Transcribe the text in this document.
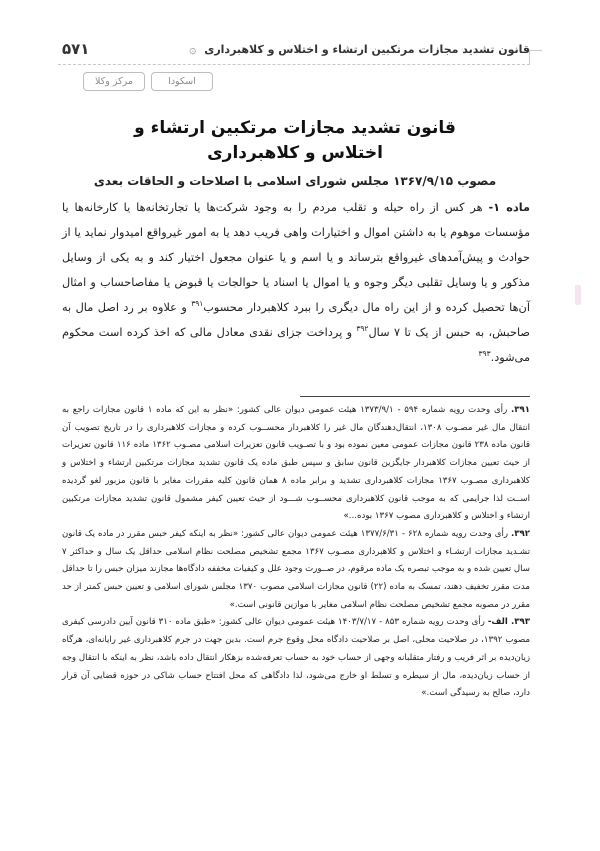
قانون تشدید مجازات مرتکبین ارتشاء و اختلاس و کلاهبرداری
۞
۵۷۱
مرکز وکلا	اسکودا
قانون تشدید مجازات مرتکبین ارتشاء و
اختلاس و کلاهبرداری
مصوب ۱۳۶۷/۹/۱۵ مجلس شورای اسلامی با اصلاحات و الحاقات بعدی
ماده ۱- هر کس از راه حیله و تقلب مردم را به وجود شرکت‌ها یا تجارتخانه‌ها یا کارخانه‌ها یا مؤسسات موهوم یا به داشتن اموال و اختیارات واهی فریب دهد یا به امور غیرواقع امیدوار نماید یا از حوادث و پیش‌آمدهای غیرواقع بترساند و یا اسم و یا عنوان مجعول اختیار کند و به یکی از وسایل مذکور و یا وسایل تقلبی دیگر وجوه و یا اموال یا اسناد یا حوالجات یا قبوض یا مفاصاحساب و امثال آن‌ها تحصیل کرده و از این راه مال دیگری را ببرد کلاهبردار محسوب$^{۳۹۱}$ و علاوه بر رد اصل مال به صاحبش، به حبس از یک تا ۷ سال$^{۳۹۲}$ و پرداخت جزای نقدی معادل مالی که اخذ کرده است محکوم می‌شود.$^{۳۹۳}$

۳۹۱. رأی وحدت رویه شماره ۵۹۴ - ۱۳۷۳/۹/۱ هیئت عمومی دیوان عالی کشور: «نظر به این که ماده ۱ قانون مجازات راجع به انتقال مال غیر مصـوب ۱۳۰۸، انتقال‌دهندگان مال غیر را کلاهبردار محســوب کرده و مجازات کلاهبرداری را در تاریخ تصویب آن قانون ماده ۲۳۸ قانون مجازات عمومی معین نموده بود و با تصـویب قانون تعزیرات اسلامی مصـوب ۱۳۶۲ ماده ۱۱۶ قانون تعزیرات از حیث تعیین مجازات کلاهبردار جایگزین قانون سابق و سپس طبق ماده یک قانون تشدید مجازات مرتکبین ارتشاء و اختلاس و کلاهبرداری مصـوب ۱۳۶۷ مجازات کلاهبرداری تشدید و برابر ماده ۸ همان قانون کلیه مقررات مغایر با قانون مزبور لغو گردیده اســت لذا جرایمی که به موجب قانون کلاهبرداری محســوب شـــود از حیث تعیین کیفر مشمول قانون تشدید مجازات مرتکبین ارتشاء و اختلاس و کلاهبرداری مصوب ۱۳۶۷ بوده...»

۳۹۲. رأی وحدت رویه شماره ۶۲۸ - ۱۳۷۷/۶/۳۱ هیئت عمومی دیوان عالی کشور: «نظر به اینکه کیفر حبس مقرر در ماده یک قانون تشـدید مجازات ارتشـاء و اختلاس و کلاهبرداری مصـوب ۱۳۶۷ مجمع تشخیص مصلحت نظام اسلامی حداقل یک سال و حداکثر ۷ سال تعیین شده و به موجب تبصره یک ماده مرقوم، در صــورت وجود علل و کیفیات مخففه دادگاه‌ها مجازند میزان حبس را تا حداقل مدت مقرر تخفیف دهند، تمسک به ماده (۲۲) قانون مجازات اسلامی مصوب ۱۳۷۰ مجلس شورای اسلامی و تعیین حبس کمتر از حد مقرر در مصوبه مجمع تشخیص مصلحت نظام اسلامی مغایر با موازین قانونی است.»

۳۹۳. الف- رأی وحدت رویه شماره ۸۵۳ - ۱۴۰۳/۷/۱۷ هیئت عمومی دیوان عالی کشور: «طبق ماده ۳۱۰ قانون آیین دادرسی کیفری مصوب ۱۳۹۲، در صلاحیت محلی، اصل بر صلاحیت دادگاه محل وقوع جرم است. بدین جهت در جرم کلاهبرداری غیر رایانه‌ای، هرگاه زیان‌دیده بر اثر فریب و رفتار متقلبانه وجهی از حساب خود به حساب تعرفه‌شده بزهکار انتقال داده باشد، نظر به اینکه با انتقال وجه از حساب زیان‌دیده، مال از سیطره و تسلط او خارج می‌شود، لذا دادگاهی که محل افتتاح حساب شاکی در حوزه قضایی آن قرار دارد، صالح به رسیدگی است.»
